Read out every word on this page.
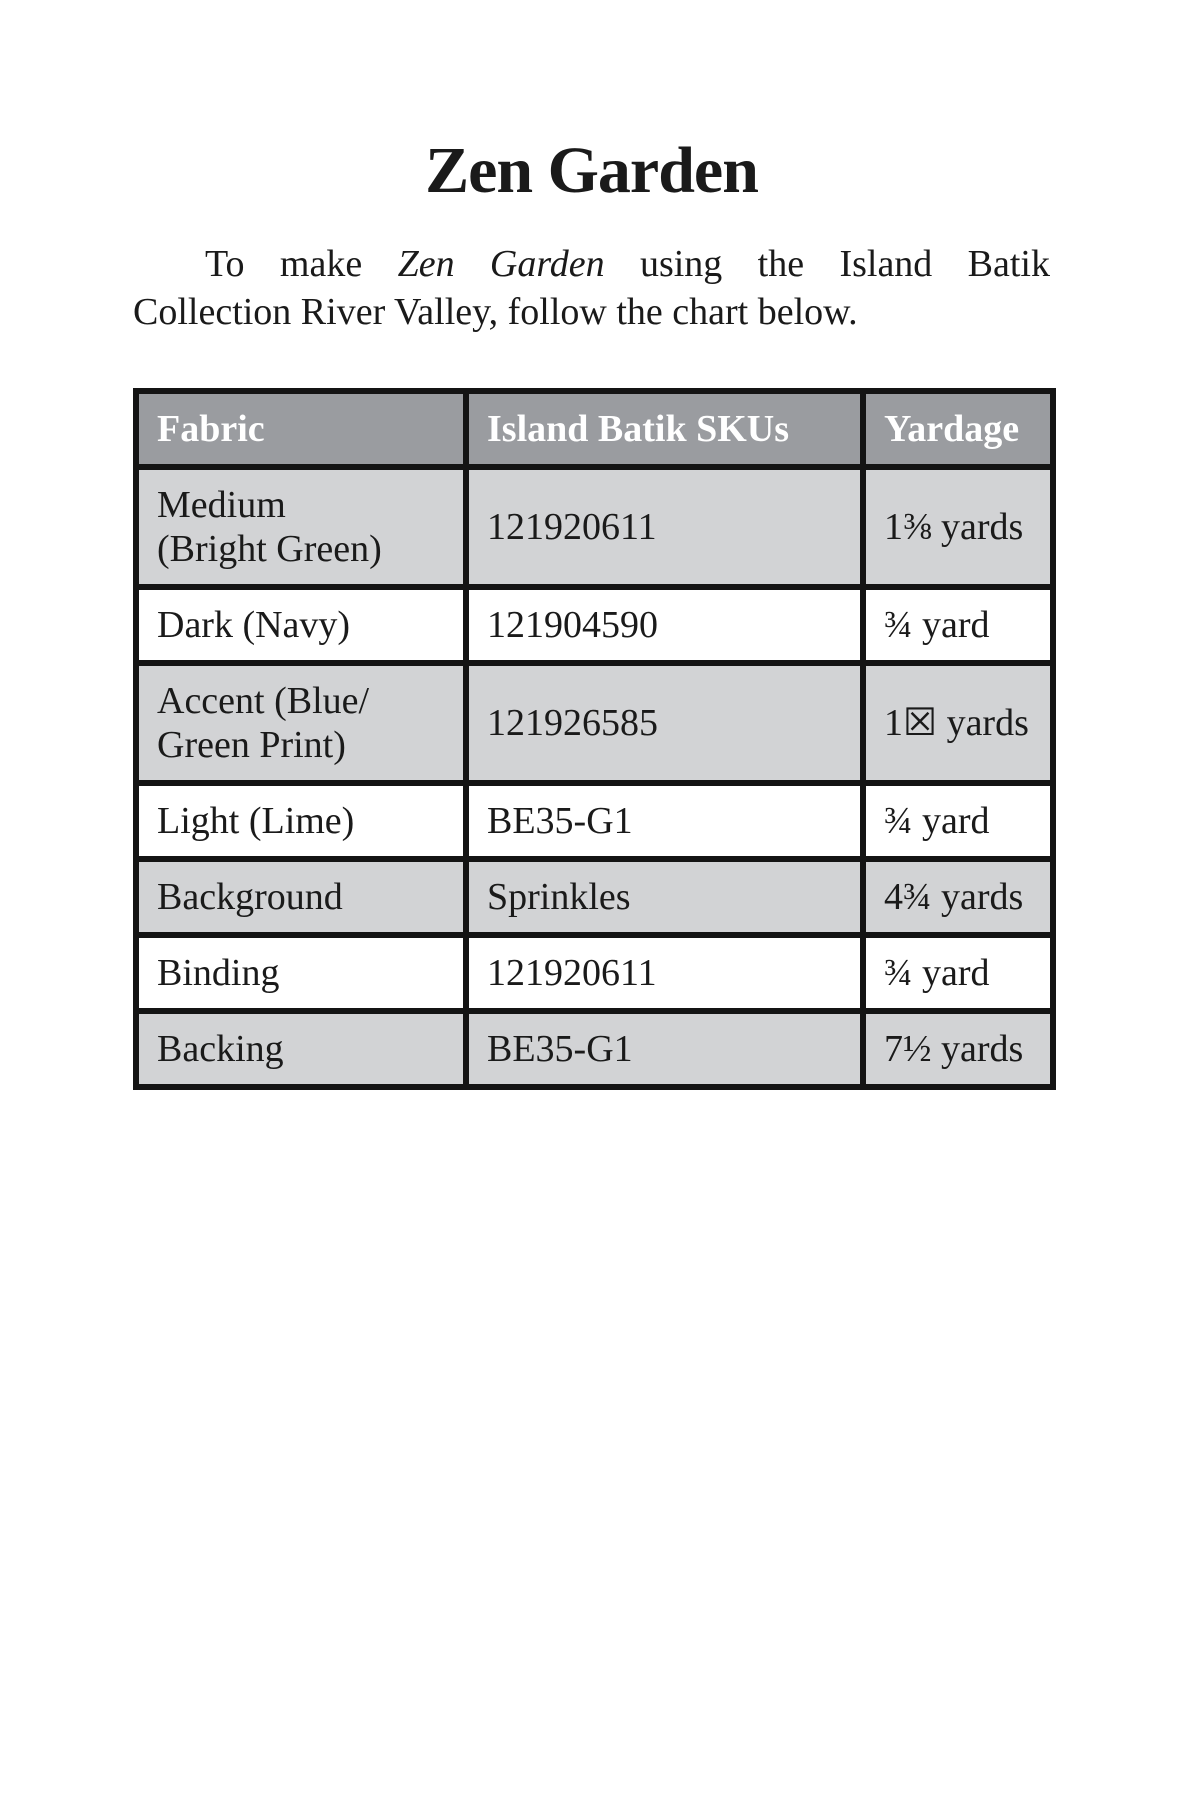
Zen Garden

To make Zen Garden using the Island Batik
Collection River Valley, follow the chart below.

Fabric	Island Batik SKUs	Yardage

Medium
(Bright Green)	121920611	1⅜ yards

Dark (Navy)	121904590	¾ yard

Accent (Blue/
Green Print)	121926585	1☒ yards

Light (Lime)	BE35-G1	¾ yard

Background	Sprinkles	4¾ yards

Binding	121920611	¾ yard

Backing	BE35-G1	7½ yards
